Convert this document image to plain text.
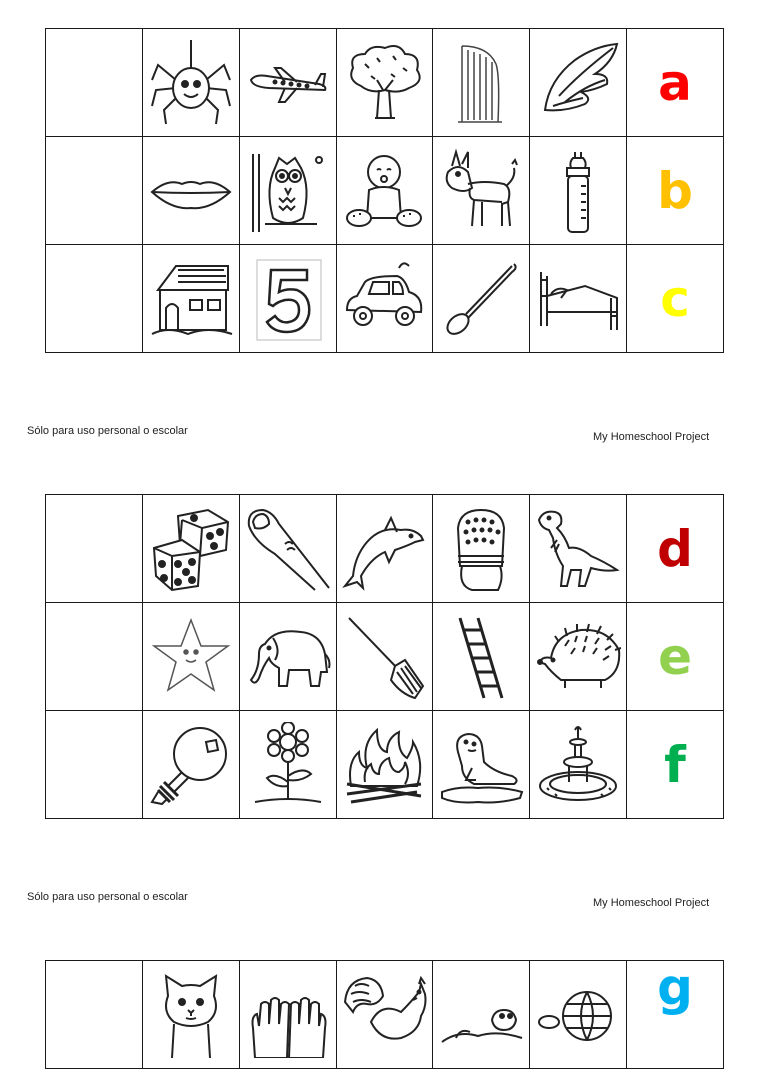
	a

	b

	c
Sólo para uso personal o escolar	My Homeschool Project

	d

	e

	f
Sólo para uso personal o escolar	My Homeschool Project

	g
